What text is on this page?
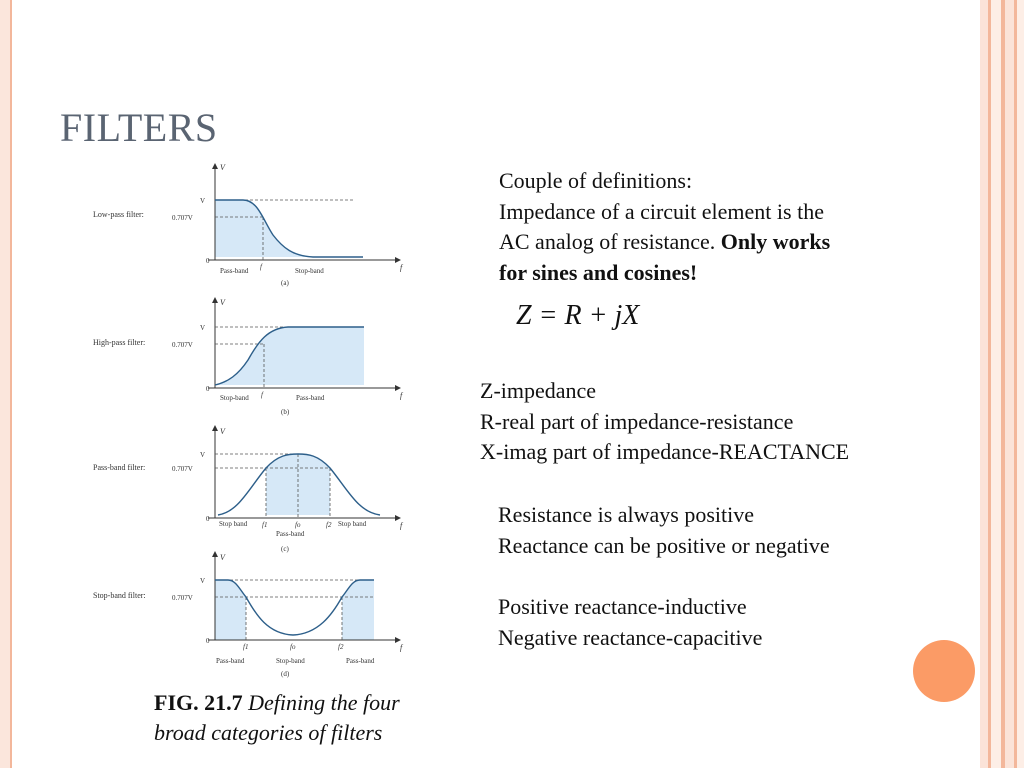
FILTERS
Low-pass filter:
V
V
0.707V
0
f	f
Pass-band	Stop-band
(a)
High-pass filter:
V
V
0.707V
0
f	f
Stop-band	Pass-band
(b)
Pass-band filter:
V
V
0.707V
0
f1	fo	f2	f
Stop band
Pass-band
Stop band
(c)
Stop-band filter:
V
V
0.707V
0
f1	fo	f2	f
Pass-band	Stop-band	Pass-band
(d)
Couple of definitions:
Impedance of a circuit element is the
AC analog of resistance. Only works
for sines and cosines!
Z = R + jX
Z-impedance
R-real part of impedance-resistance
X-imag part of impedance-REACTANCE
Resistance is always positive
Reactance can be positive or negative
Positive reactance-inductive
Negative reactance-capacitive
FIG. 21.7 Defining the four broad categories of filters
